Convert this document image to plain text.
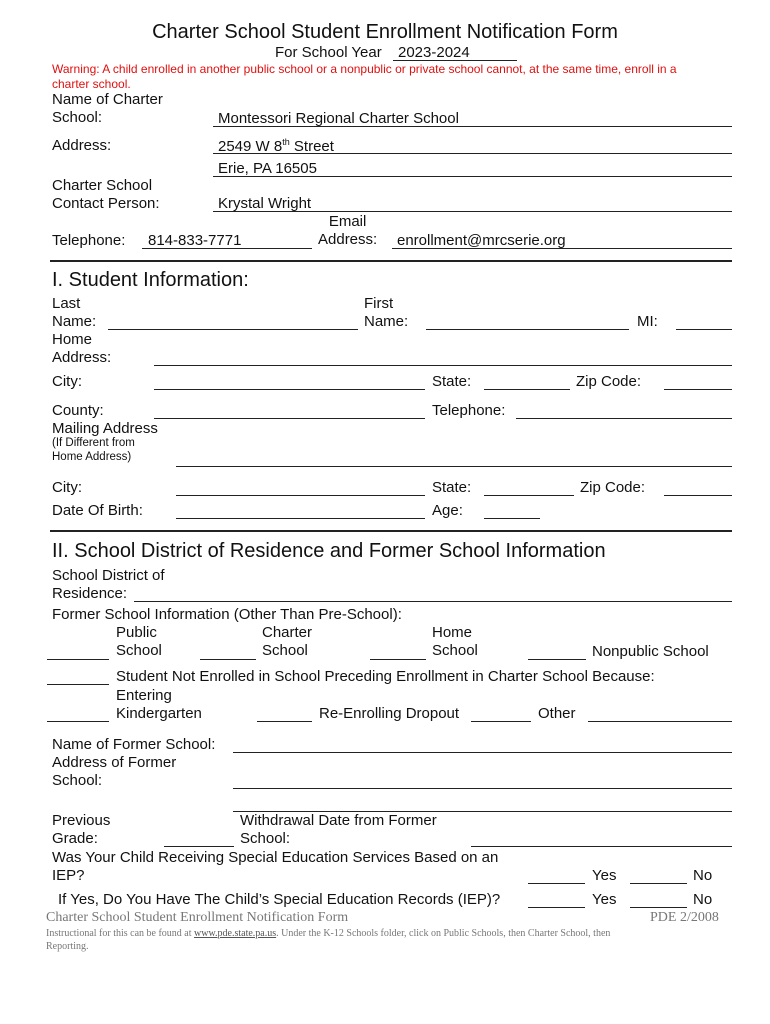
Charter School Student Enrollment Notification Form
For School Year 2023-2024
Warning: A child enrolled in another public school or a nonpublic or private school cannot, at the same time, enroll in a
charter school.
Name of Charter
School:	Montessori Regional Charter School
Address:	2549 W 8th Street
Erie, PA 16505
Charter School
Contact Person:	Krystal Wright
Telephone: 814-833-7771
Email
Address: enrollment@mrcserie.org
I. Student Information:
Last
Name:
First
Name:	MI:
Home
Address:
City:	State:	Zip Code:
County:	Telephone:
Mailing Address
(If Different from
Home Address)
City:	State:	Zip Code:
Date Of Birth:	Age:
II. School District of Residence and Former School Information
School District of
Residence:
Former School Information (Other Than Pre-School):
Public
School
Charter
School
Home
School	Nonpublic School
Student Not Enrolled in School Preceding Enrollment in Charter School Because:
Entering
Kindergarten	Re-Enrolling Dropout	Other
Name of Former School:
Address of Former
School:
Previous
Grade:
Withdrawal Date from Former
School:
Was Your Child Receiving Special Education Services Based on an
IEP?	Yes	No
If Yes, Do You Have The Child’s Special Education Records (IEP)?	Yes	No
Charter School Student Enrollment Notification Form	PDE 2/2008
Instructional for this can be found at www.pde.state.pa.us. Under the K-12 Schools folder, click on Public Schools, then Charter School, then
Reporting.
